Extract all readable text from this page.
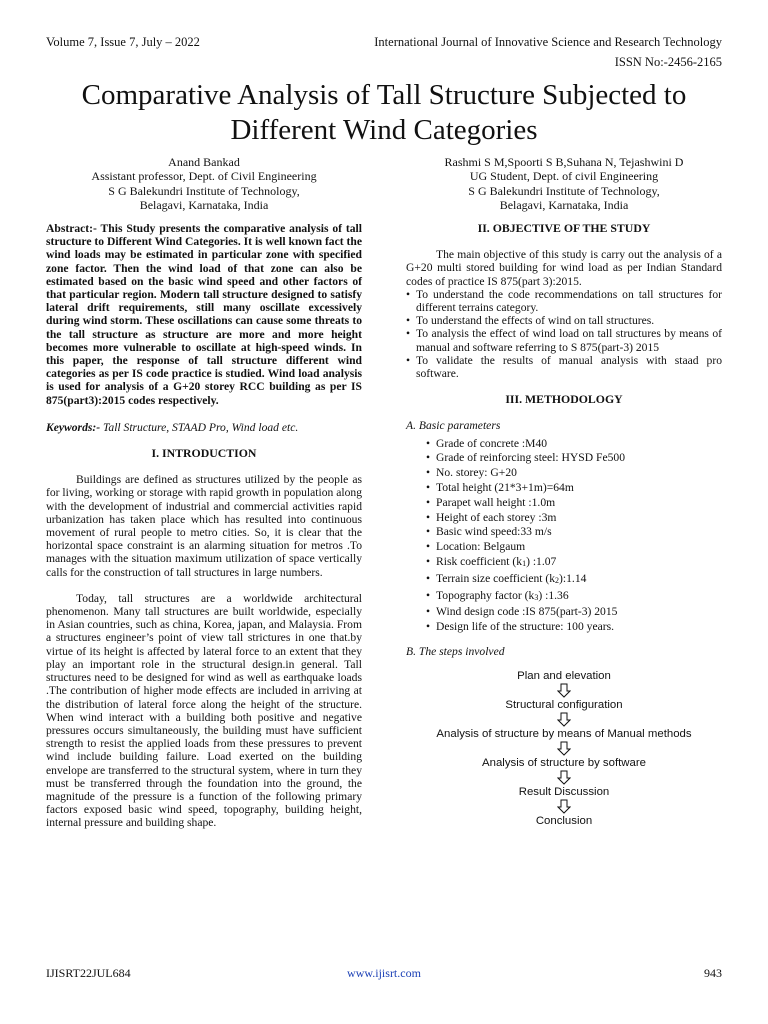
Volume 7, Issue 7, July – 2022	International Journal of Innovative Science and Research Technology
ISSN No:-2456-2165
Comparative Analysis of Tall Structure Subjected to Different Wind Categories
Anand Bankad
Assistant professor, Dept. of Civil Engineering
S G Balekundri Institute of Technology,
Belagavi, Karnataka, India
Rashmi S M,Spoorti S B,Suhana N, Tejashwini D
UG Student, Dept. of civil Engineering
S G Balekundri Institute of Technology,
Belagavi, Karnataka, India

Abstract:- This Study presents the comparative analysis of tall structure to Different Wind Categories. It is well known fact the wind loads may be estimated in particular zone with specified zone factor. Then the wind load of that zone can also be estimated based on the basic wind speed and other factors of that particular region. Modern tall structure designed to satisfy lateral drift requirements, still many oscillate excessively during wind storm. These oscillations can cause some threats to the tall structure as structure are more and more height becomes more vulnerable to oscillate at high-speed winds. In this paper, the response of tall structure different wind categories as per IS code practice is studied. Wind load analysis is used for analysis of a G+20 storey RCC building as per IS 875(part3):2015 codes respectively.

Keywords:- Tall Structure, STAAD Pro, Wind load etc.

I. INTRODUCTION

Buildings are defined as structures utilized by the people as for living, working or storage with rapid growth in population along with the development of industrial and commercial activities rapid urbanization has taken place which has resulted into continuous movement of rural people to metro cities. So, it is clear that the horizontal space constraint is an alarming situation for metros .To manages with the situation maximum utilization of space vertically calls for the construction of tall structures in large numbers.

Today, tall structures are a worldwide architectural phenomenon. Many tall structures are built worldwide, especially in Asian countries, such as china, Korea, japan, and Malaysia. From a structures engineer’s point of view tall strictures in one that.by virtue of its height is affected by lateral force to an extent that they play an important role in the structural design.in general. Tall structures need to be designed for wind as well as earthquake loads .The contribution of higher mode effects are included in arriving at the distribution of lateral force along the height of the structure. When wind interact with a building both positive and negative pressures occurs simultaneously, the building must have sufficient strength to resist the applied loads from these pressures to prevent wind include building failure. Load exerted on the building envelope are transferred to the structural system, where in turn they must be transferred through the foundation into the ground, the magnitude of the pressure is a function of the following primary factors exposed basic wind speed, topography, building height, internal pressure and building shape.

II. OBJECTIVE OF THE STUDY

The main objective of this study is carry out the analysis of a G+20 multi stored building for wind load as per Indian Standard codes of practice IS 875(part 3):2015.

• To understand the code recommendations on tall structures for different terrains category.
• To understand the effects of wind on tall structures.
• To analysis the effect of wind load on tall structures by means of manual and software referring to S 875(part-3) 2015
• To validate the results of manual analysis with staad pro software.
III. METHODOLOGY
A. Basic parameters
• Grade of concrete :M40
• Grade of reinforcing steel: HYSD Fe500
• No. storey: G+20
• Total height (21*3+1m)=64m
• Parapet wall height :1.0m
• Height of each storey :3m
• Basic wind speed:33 m/s
• Location: Belgaum
• Risk coefficient $(k_1)$ :1.07
• Terrain size coefficient $(k_2):1.14$
• Topography factor $(k_3)$ :1.36
• Wind design code :IS 875(part-3) 2015
• Design life of the structure: 100 years.
B. The steps involved
Plan and elevation
Structural configuration
Analysis of structure by means of Manual methods
Analysis of structure by software
Result Discussion
Conclusion
IJISRT22JUL684	www.ijisrt.com	943
